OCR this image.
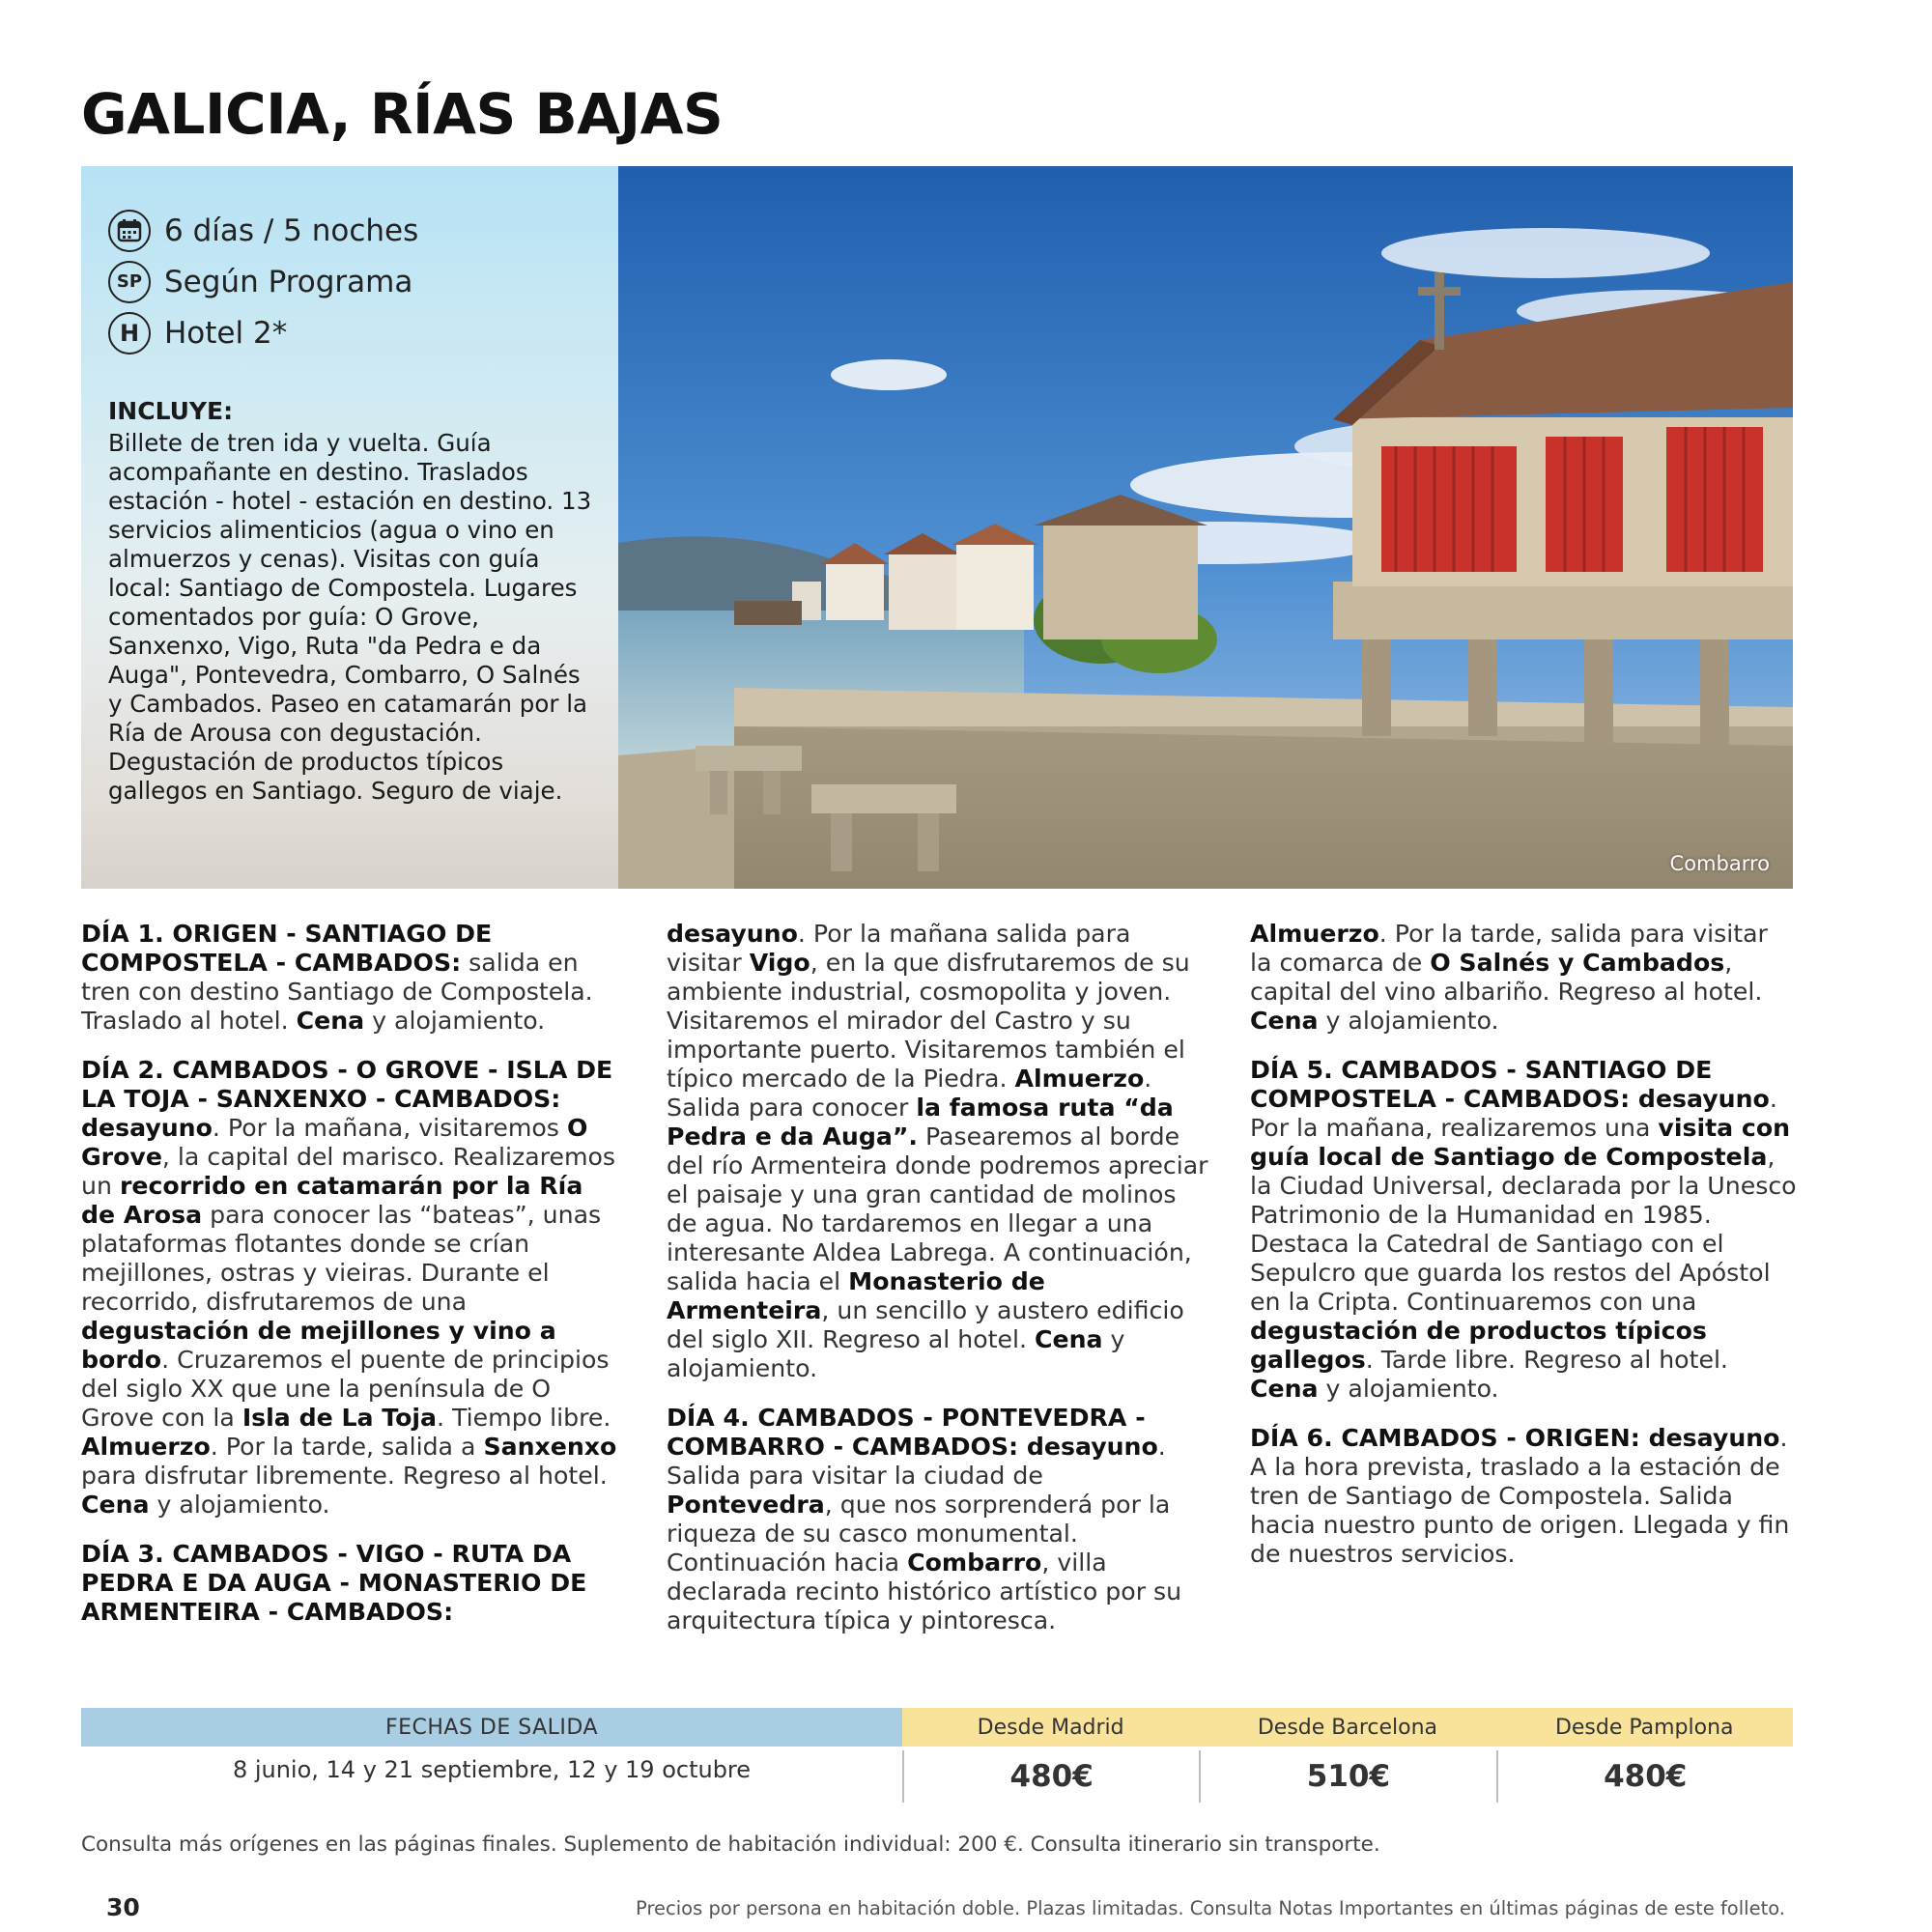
GALICIA, RÍAS BAJAS
6 días / 5 noches
SP Según Programa
H Hotel 2*
INCLUYE:
Billete de tren ida y vuelta. Guía acompañante en destino. Traslados estación - hotel - estación en destino. 13 servicios alimenticios (agua o vino en almuerzos y cenas). Visitas con guía local: Santiago de Compostela. Lugares comentados por guía: O Grove, Sanxenxo, Vigo, Ruta "da Pedra e da Auga", Pontevedra, Combarro, O Salnés y Cambados. Paseo en catamarán por la Ría de Arousa con degustación. Degustación de productos típicos gallegos en Santiago. Seguro de viaje.
Combarro

DÍA 1. ORIGEN - SANTIAGO DE COMPOSTELA - CAMBADOS: salida en tren con destino Santiago de Compostela. Traslado al hotel. Cena y alojamiento.

DÍA 2. CAMBADOS - O GROVE - ISLA DE LA TOJA - SANXENXO - CAMBADOS: desayuno. Por la mañana, visitaremos O Grove, la capital del marisco. Realizaremos un recorrido en catamarán por la Ría de Arosa para conocer las “bateas”, unas plataformas flotantes donde se crían mejillones, ostras y vieiras. Durante el recorrido, disfrutaremos de una degustación de mejillones y vino a bordo. Cruzaremos el puente de principios del siglo XX que une la península de O Grove con la Isla de La Toja. Tiempo libre. Almuerzo. Por la tarde, salida a Sanxenxo para disfrutar libremente. Regreso al hotel. Cena y alojamiento.

DÍA 3. CAMBADOS - VIGO - RUTA DA PEDRA E DA AUGA - MONASTERIO DE ARMENTEIRA - CAMBADOS:

desayuno. Por la mañana salida para visitar Vigo, en la que disfrutaremos de su ambiente industrial, cosmopolita y joven. Visitaremos el mirador del Castro y su importante puerto. Visitaremos también el típico mercado de la Piedra. Almuerzo. Salida para conocer la famosa ruta “da Pedra e da Auga”. Pasearemos al borde del río Armenteira donde podremos apreciar el paisaje y una gran cantidad de molinos de agua. No tardaremos en llegar a una interesante Aldea Labrega. A continuación, salida hacia el Monasterio de Armenteira, un sencillo y austero edificio del siglo XII. Regreso al hotel. Cena y alojamiento.

DÍA 4. CAMBADOS - PONTEVEDRA - COMBARRO - CAMBADOS: desayuno. Salida para visitar la ciudad de Pontevedra, que nos sorprenderá por la riqueza de su casco monumental. Continuación hacia Combarro, villa declarada recinto histórico artístico por su arquitectura típica y pintoresca.

Almuerzo. Por la tarde, salida para visitar la comarca de O Salnés y Cambados, capital del vino albariño. Regreso al hotel. Cena y alojamiento.

DÍA 5. CAMBADOS - SANTIAGO DE COMPOSTELA - CAMBADOS: desayuno. Por la mañana, realizaremos una visita con guía local de Santiago de Compostela, la Ciudad Universal, declarada por la Unesco Patrimonio de la Humanidad en 1985. Destaca la Catedral de Santiago con el Sepulcro que guarda los restos del Apóstol en la Cripta. Continuaremos con una degustación de productos típicos gallegos. Tarde libre. Regreso al hotel. Cena y alojamiento.

DÍA 6. CAMBADOS - ORIGEN: desayuno. A la hora prevista, traslado a la estación de tren de Santiago de Compostela. Salida hacia nuestro punto de origen. Llegada y fin de nuestros servicios.

FECHAS DE SALIDA	Desde Madrid	Desde Barcelona	Desde Pamplona
8 junio, 14 y 21 septiembre, 12 y 19 octubre	480€	510€	480€
Consulta más orígenes en las páginas finales. Suplemento de habitación individual: 200 €. Consulta itinerario sin transporte.
30	Precios por persona en habitación doble. Plazas limitadas. Consulta Notas Importantes en últimas páginas de este folleto.
